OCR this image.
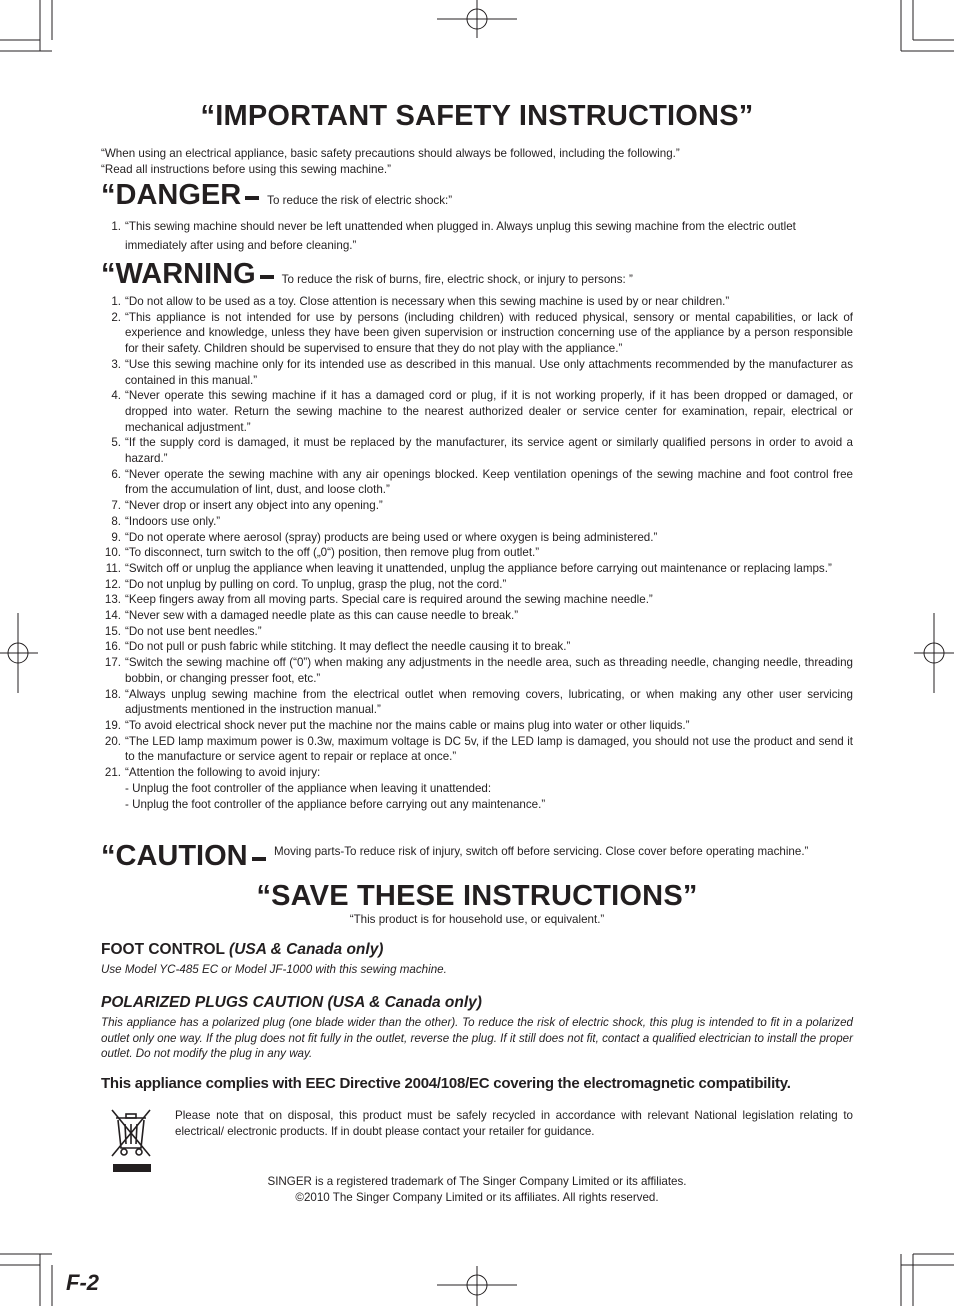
“IMPORTANT SAFETY INSTRUCTIONS”
“When using an electrical appliance, basic safety precautions should always be followed, including the following.”
“Read all instructions before using this sewing machine.”
“DANGER To reduce the risk of electric shock:”
1. “This sewing machine should never be left unattended when plugged in. Always unplug this sewing machine from the electric outlet immediately after using and before cleaning.”
“WARNING To reduce the risk of burns, fire, electric shock, or injury to persons: ”
1. “Do not allow to be used as a toy. Close attention is necessary when this sewing machine is used by or near children.”
2. “This appliance is not intended for use by persons (including children) with reduced physical, sensory or mental capabilities, or lack of experience and knowledge, unless they have been given supervision or instruction concerning use of the appliance by a person responsible for their safety. Children should be supervised to ensure that they do not play with the appliance.”
3. “Use this sewing machine only for its intended use as described in this manual. Use only attachments recommended by the manufacturer as contained in this manual.”
4. “Never operate this sewing machine if it has a damaged cord or plug, if it is not working properly, if it has been dropped or damaged, or dropped into water. Return the sewing machine to the nearest authorized dealer or service center for examination, repair, electrical or mechanical adjustment.”
5. “If the supply cord is damaged, it must be replaced by the manufacturer, its service agent or similarly qualified persons in order to avoid a hazard.”
6. “Never operate the sewing machine with any air openings blocked. Keep ventilation openings of the sewing machine and foot control free from the accumulation of lint, dust, and loose cloth.”
7. “Never drop or insert any object into any opening.”
8. “Indoors use only.”
9. “Do not operate where aerosol (spray) products are being used or where oxygen is being administered.”
10. “To disconnect, turn switch to the off („0“) position, then remove plug from outlet.”
11. “Switch off or unplug the appliance when leaving it unattended, unplug the appliance before carrying out maintenance or replacing lamps.”
12. “Do not unplug by pulling on cord. To unplug, grasp the plug, not the cord.”
13. “Keep fingers away from all moving parts. Special care is required around the sewing machine needle.”
14. “Never sew with a damaged needle plate as this can cause needle to break.”
15. “Do not use bent needles.”
16. “Do not pull or push fabric while stitching. It may deflect the needle causing it to break.”
17. “Switch the sewing machine off (“0”) when making any adjustments in the needle area, such as threading needle, changing needle, threading bobbin, or changing presser foot, etc.”
18. “Always unplug sewing machine from the electrical outlet when removing covers, lubricating, or when making any other user servicing adjustments mentioned in the instruction manual.”
19. “To avoid electrical shock never put the machine nor the mains cable or mains plug into water or other liquids.”
20. “The LED lamp maximum power is 0.3w, maximum voltage is DC 5v, if the LED lamp is damaged, you should not use the product and send it to the manufacture or service agent to repair or replace at once.”
21. “Attention the following to avoid injury:
- Unplug the foot controller of the appliance when leaving it unattended:
- Unplug the foot controller of the appliance before carrying out any maintenance.”
“CAUTION Moving parts-To reduce risk of injury, switch off before servicing. Close cover before operating machine.”
“SAVE THESE INSTRUCTIONS”
“This product is for household use, or equivalent.”
FOOT CONTROL (USA & Canada only)
Use Model YC-485 EC or Model JF-1000 with this sewing machine.
POLARIZED PLUGS CAUTION (USA & Canada only)
This appliance has a polarized plug (one blade wider than the other). To reduce the risk of electric shock, this plug is intended to fit in a polarized outlet only one way. If the plug does not fit fully in the outlet, reverse the plug. If it still does not fit, contact a qualified electrician to install the proper outlet. Do not modify the plug in any way.
This appliance complies with EEC Directive 2004/108/EC covering the electromagnetic compatibility.
Please note that on disposal, this product must be safely recycled in accordance with relevant National legislation relating to electrical/ electronic products. If in doubt please contact your retailer for guidance.
SINGER is a registered trademark of The Singer Company Limited or its affiliates.
©2010 The Singer Company Limited or its affiliates. All rights reserved.
F-2
